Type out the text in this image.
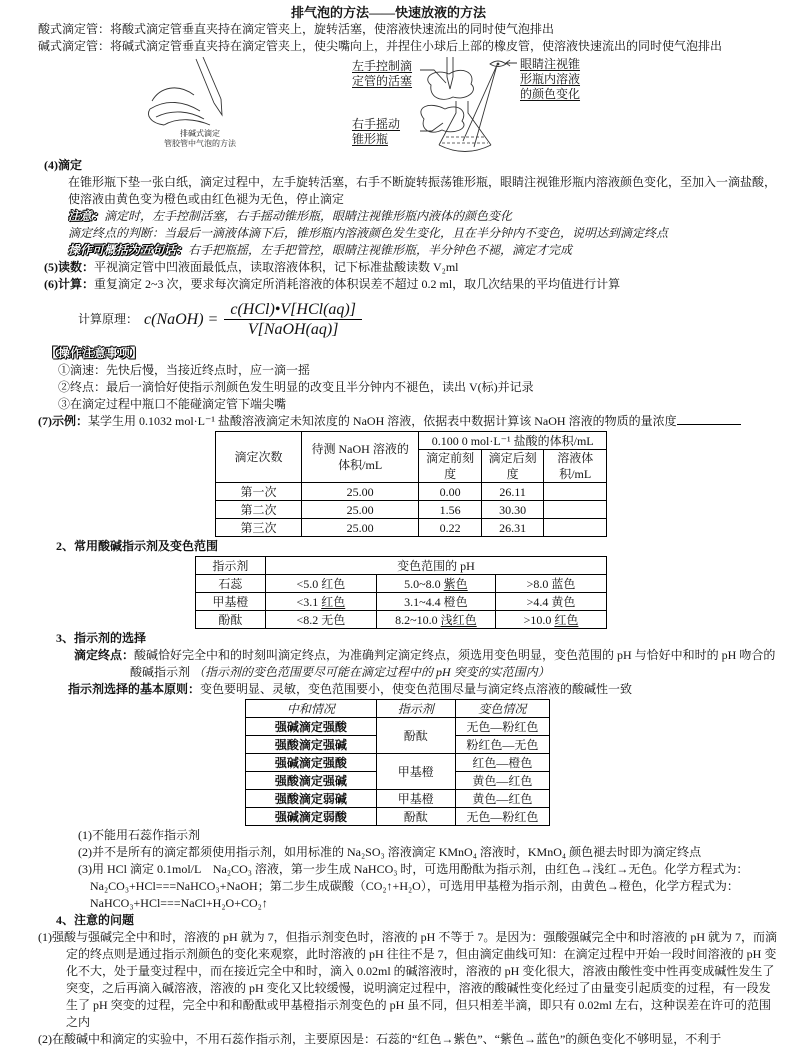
排气泡的方法——快速放液的方法
酸式滴定管：将酸式滴定管垂直夹持在滴定管夹上，旋转活塞，使溶液快速流出的同时使气泡排出
碱式滴定管：将碱式滴定管垂直夹持在滴定管夹上，使尖嘴向上，并捏住小球后上部的橡皮管，使溶液快速流出的同时使气泡排出
排碱式滴定
管胶管中气泡的方法
左手控制滴
定管的活塞
右手摇动
锥形瓶
眼睛注视锥
形瓶内溶液
的颜色变化
(4)滴定
在锥形瓶下垫一张白纸，滴定过程中，左手旋转活塞，右手不断旋转振荡锥形瓶，眼睛注视锥形瓶内溶液颜色变化，至加入一滴盐酸，使溶液由黄色变为橙色或由红色褪为无色，停止滴定
注意：滴定时，左手控制活塞，右手摇动锥形瓶，眼睛注视锥形瓶内液体的颜色变化
滴定终点的判断：当最后一滴液体滴下后，锥形瓶内溶液颜色发生变化，且在半分钟内不变色，说明达到滴定终点
操作可概括为五句话：右手把瓶摇，左手把管控，眼睛注视锥形瓶，半分钟色不褪，滴定才完成
(5)读数：平视滴定管中凹液面最低点，读取溶液体积，记下标准盐酸读数 V₂ml
(6)计算：重复滴定 2~3 次，要求每次滴定所消耗溶液的体积误差不超过 0.2 ml，取几次结果的平均值进行计算
计算原理： c(NaOH) = $\frac{\text{c(HCl)•V[HCl(aq)]}}{\text{V[NaOH(aq)]}}$
【操作注意事项】
①滴速：先快后慢，当接近终点时，应一滴一摇
②终点：最后一滴恰好使指示剂颜色发生明显的改变且半分钟内不褪色，读出 V(标)并记录
③在滴定过程中瓶口不能碰滴定管下端尖嘴
(7)示例：某学生用 0.1032 mol·L⁻¹ 盐酸溶液滴定未知浓度的 NaOH 溶液，依据表中数据计算该 NaOH 溶液的物质的量浓度
滴定次数	待测 NaOH 溶液的体积/mL	0.100 0 mol·L⁻¹ 盐酸的体积/mL		
		滴定前刻度	滴定后刻度	溶液体积/mL
第一次	25.00	0.00	26.11	
第二次	25.00	1.56	30.30	
第三次	25.00	0.22	26.31	
2、常用酸碱指示剂及变色范围
指示剂	变色范围的 pH		
石蕊	<5.0 红色	5.0~8.0 紫色	>8.0 蓝色
甲基橙	<3.1 红色	3.1~4.4 橙色	>4.4 黄色
酚酞	<8.2 无色	8.2~10.0 浅红色	>10.0 红色
3、指示剂的选择
滴定终点：酸碱恰好完全中和的时刻叫滴定终点，为准确判定滴定终点，须选用变色明显，变色范围的 pH 与恰好中和时的 pH 吻合的酸碱指示剂 （指示剂的变色范围要尽可能在滴定过程中的 pH 突变的实范围内）
指示剂选择的基本原则：变色要明显、灵敏，变色范围要小，使变色范围尽量与滴定终点溶液的酸碱性一致
中和情况	指示剂	变色情况
强碱滴定强酸	酚酞	无色—粉红色
强酸滴定强碱		粉红色—无色
强碱滴定强酸	甲基橙	红色—橙色
强酸滴定强碱		黄色—红色
强酸滴定弱碱	甲基橙	黄色—红色
强碱滴定弱酸	酚酞	无色—粉红色
(1)不能用石蕊作指示剂
(2)并不是所有的滴定都须使用指示剂，如用标准的 Na₂SO₃ 溶液滴定 KMnO₄ 溶液时，KMnO₄ 颜色褪去时即为滴定终点
(3)用 HCl 滴定 0.1mol/L　Na₂CO₃ 溶液，第一步生成 NaHCO₃ 时，可选用酚酞为指示剂，由红色→浅红→无色。化学方程式为：
Na₂CO₃+HCl===NaHCO₃+NaOH；第二步生成碳酸（CO₂↑+H₂O），可选用甲基橙为指示剂，由黄色→橙色，化学方程式为：
NaHCO₃+HCl===NaCl+H₂O+CO₂↑
4、注意的问题
(1)强酸与强碱完全中和时，溶液的 pH 就为 7，但指示剂变色时，溶液的 pH 不等于 7。是因为：强酸强碱完全中和时溶液的 pH 就为 7，而滴定的终点则是通过指示剂颜色的变化来观察，此时溶液的 pH 往往不是 7，但由滴定曲线可知：在滴定过程中开始一段时间溶液的 pH 变化不大，处于量变过程中，而在接近完全中和时，滴入 0.02ml 的碱溶液时，溶液的 pH 变化很大，溶液由酸性变中性再变成碱性发生了突变，之后再滴入碱溶液，溶液的 pH 变化又比较缓慢，说明滴定过程中，溶液的酸碱性变化经过了由量变引起质变的过程，有一段发生了 pH 突变的过程，完全中和和酚酞或甲基橙指示剂变色的 pH 虽不同，但只相差半滴，即只有 0.02ml 左右，这种误差在许可的范围之内
(2)在酸碱中和滴定的实验中，不用石蕊作指示剂，主要原因是：石蕊的“红色→紫色”、“紫色→蓝色”的颜色变化不够明显，不利于
